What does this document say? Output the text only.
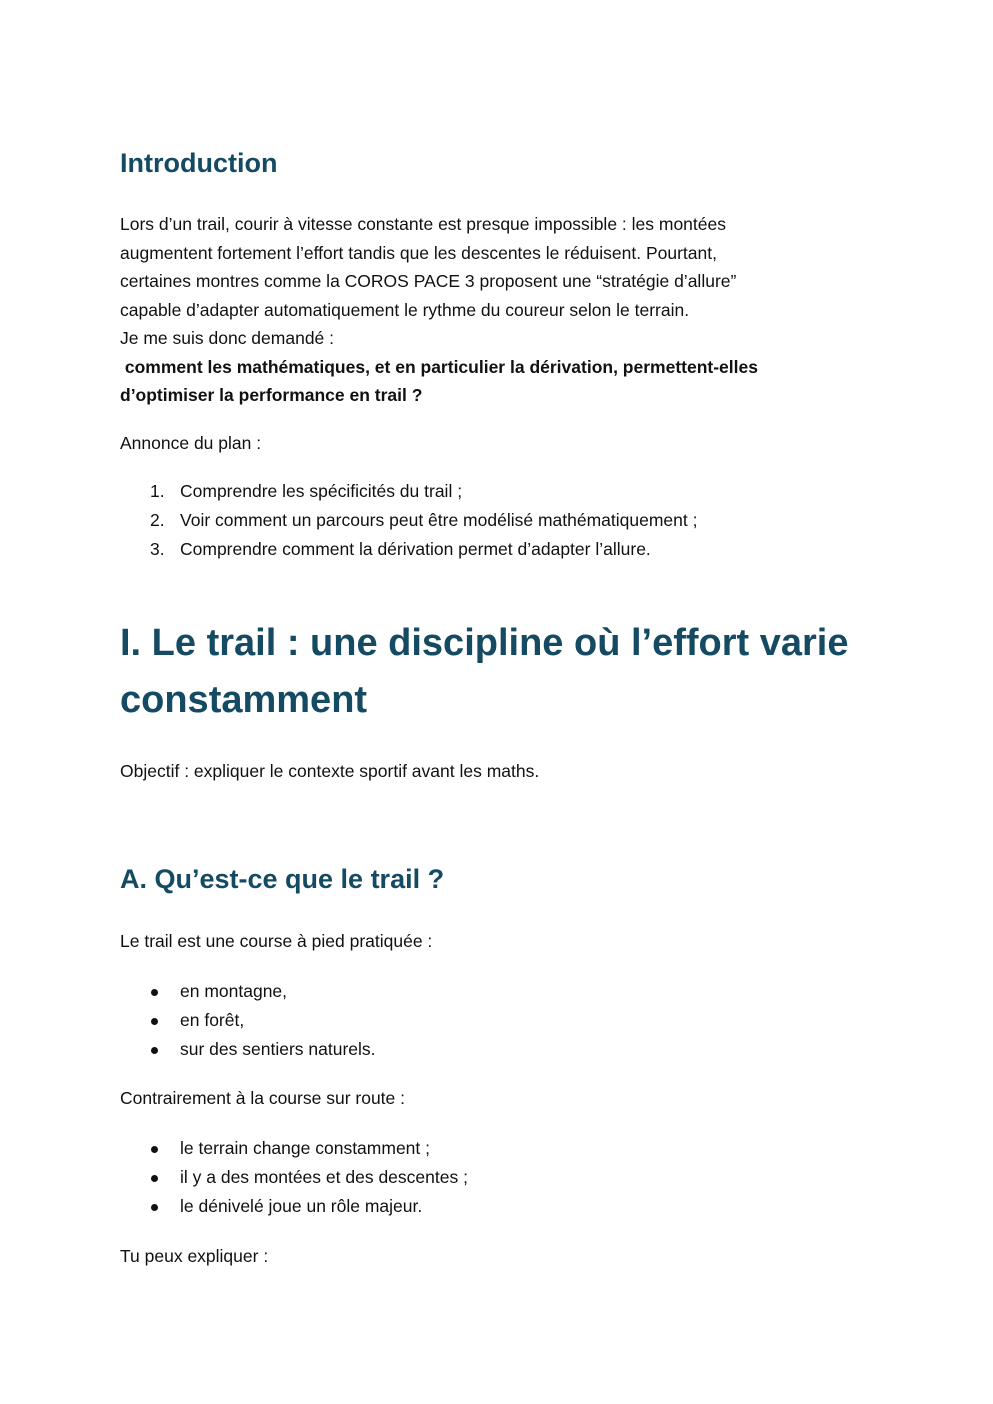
Introduction

Lors d’un trail, courir à vitesse constante est presque impossible : les montées
augmentent fortement l’effort tandis que les descentes le réduisent. Pourtant,
certaines montres comme la COROS PACE 3 proposent une “stratégie d’allure”
capable d’adapter automatiquement le rythme du coureur selon le terrain.
Je me suis donc demandé :
comment les mathématiques, et en particulier la dérivation, permettent-elles
d’optimiser la performance en trail ?

Annonce du plan :

1. Comprendre les spécificités du trail ;
2. Voir comment un parcours peut être modélisé mathématiquement ;
3. Comprendre comment la dérivation permet d’adapter l’allure.
I. Le trail : une discipline où l’effort varie
constamment

Objectif : expliquer le contexte sportif avant les maths.

A. Qu’est-ce que le trail ?

Le trail est une course à pied pratiquée :

en montagne,
en forêt,
sur des sentiers naturels.

Contrairement à la course sur route :

le terrain change constamment ;
il y a des montées et des descentes ;
le dénivelé joue un rôle majeur.

Tu peux expliquer :
